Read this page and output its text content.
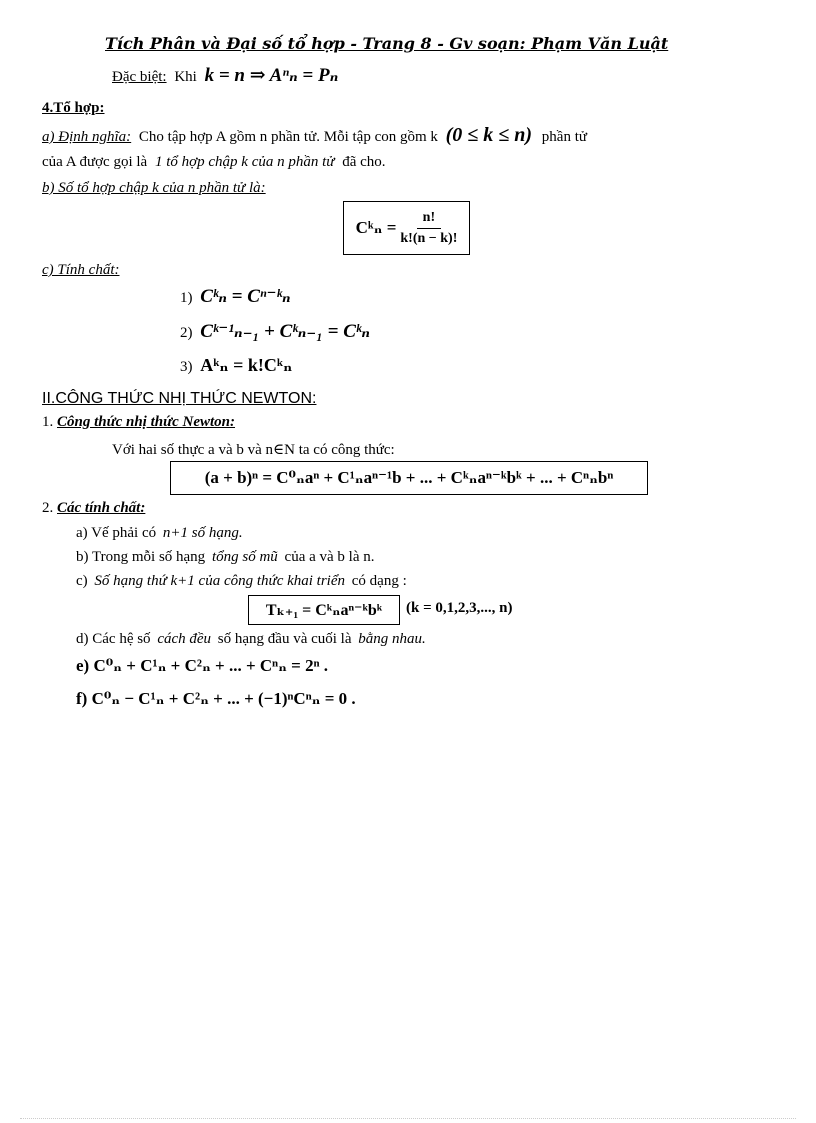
Tích Phân và Đại số tổ hợp - Trang 8 - Gv soạn: Phạm Văn Luật
Đặc biệt: Khi k = n ⇒ Aⁿₙ = Pₙ
4.Tổ hợp:
a) Định nghĩa: Cho tập hợp A gồm n phần tử. Mỗi tập con gồm k (0 ≤ k ≤ n) phần tử
của A được gọi là 1 tổ hợp chập k của n phần tử đã cho.
b) Số tổ hợp chập k của n phần tử là:
Cᵏₙ = $\frac{n!}{k!(n - k)!}$
c) Tính chất:
1) Cᵏₙ = Cⁿ⁻ᵏₙ
2) Cᵏ⁻¹ₙ₋₁ + Cᵏₙ₋₁ = Cᵏₙ
3) Aᵏₙ = k!Cᵏₙ
II.CÔNG THỨC NHỊ THỨC NEWTON:
1. Công thức nhị thức Newton:
Với hai số thực a và b và n∈N ta có công thức:
(a + b)ⁿ = C⁰ₙaⁿ + C¹ₙaⁿ⁻¹b + ... + Cᵏₙaⁿ⁻ᵏbᵏ + ... + Cⁿₙbⁿ
2. Các tính chất:
a) Vế phải có n+1 số hạng.
b) Trong mỗi số hạng tổng số mũ của a và b là n.
c) Số hạng thứ k+1 của công thức khai triển có dạng :
Tₖ₊₁ = Cᵏₙaⁿ⁻ᵏbᵏ (k = 0,1,2,3,..., n)
d) Các hệ số cách đều số hạng đầu và cuối là bằng nhau.
e) C⁰ₙ + C¹ₙ + C²ₙ + ... + Cⁿₙ = 2ⁿ .
f) C⁰ₙ − C¹ₙ + C²ₙ + ... + (−1)ⁿCⁿₙ = 0 .
